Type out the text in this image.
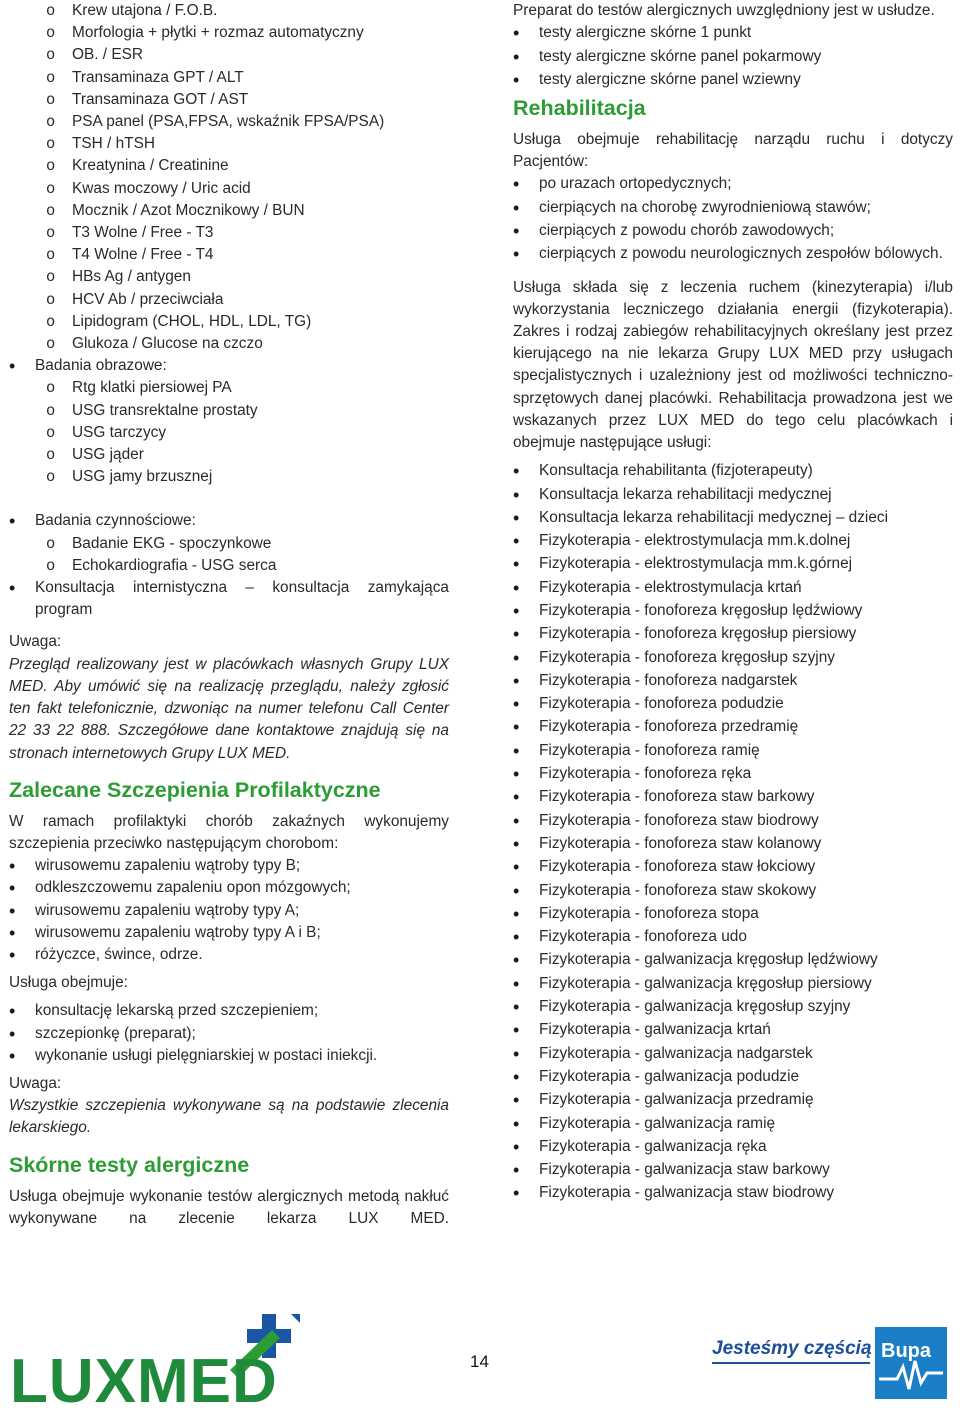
o Krew utajona / F.O.B.
o Morfologia + płytki + rozmaz automatyczny
o OB. / ESR
o Transaminaza GPT / ALT
o Transaminaza GOT / AST
o PSA panel (PSA,FPSA, wskaźnik FPSA/PSA)
o TSH / hTSH
o Kreatynina / Creatinine
o Kwas moczowy / Uric acid
o Mocznik / Azot Mocznikowy / BUN
o T3 Wolne / Free - T3
o T4 Wolne / Free - T4
o HBs Ag / antygen
o HCV Ab / przeciwciała
o Lipidogram (CHOL, HDL, LDL, TG)
o Glukoza / Glucose na czczo
• Badania obrazowe:
o Rtg klatki piersiowej PA
o USG transrektalne prostaty
o USG tarczycy
o USG jąder
o USG jamy brzusznej
• Badania czynnościowe:
o Badanie EKG - spoczynkowe
o Echokardiografia - USG serca
• Konsultacja internistyczna – konsultacja zamykająca
program
Uwaga:
Przegląd realizowany jest w placówkach własnych Grupy LUX MED. Aby umówić się na realizację przeglądu, należy zgłosić ten fakt telefonicznie, dzwoniąc na numer telefonu Call Center 22 33 22 888. Szczegółowe dane kontaktowe znajdują się na stronach internetowych Grupy LUX MED.
Zalecane Szczepienia Profilaktyczne
W ramach profilaktyki chorób zakaźnych wykonujemy szczepienia przeciwko następującym chorobom:
• wirusowemu zapaleniu wątroby typy B;
• odkleszczowemu zapaleniu opon mózgowych;
• wirusowemu zapaleniu wątroby typy A;
• wirusowemu zapaleniu wątroby typy A i B;
• różyczce, śwince, odrze.
Usługa obejmuje:
• konsultację lekarską przed szczepieniem;
• szczepionkę (preparat);
• wykonanie usługi pielęgniarskiej w postaci iniekcji.
Uwaga:
Wszystkie szczepienia wykonywane są na podstawie zlecenia lekarskiego.
Skórne testy alergiczne
Usługa obejmuje wykonanie testów alergicznych metodą nakłuć wykonywane na zlecenie lekarza LUX MED.
Preparat do testów alergicznych uwzględniony jest w usłudze.
• testy alergiczne skórne 1 punkt
• testy alergiczne skórne panel pokarmowy
• testy alergiczne skórne panel wziewny
Rehabilitacja
Usługa obejmuje rehabilitację narządu ruchu i dotyczy Pacjentów:
• po urazach ortopedycznych;
• cierpiących na chorobę zwyrodnieniową stawów;
• cierpiących z powodu chorób zawodowych;
• cierpiących z powodu neurologicznych zespołów bólowych.
Usługa składa się z leczenia ruchem (kinezyterapia) i/lub wykorzystania leczniczego działania energii (fizykoterapia). Zakres i rodzaj zabiegów rehabilitacyjnych określany jest przez kierującego na nie lekarza Grupy LUX MED przy usługach specjalistycznych i uzależniony jest od możliwości techniczno-sprzętowych danej placówki. Rehabilitacja prowadzona jest we wskazanych przez LUX MED do tego celu placówkach i obejmuje następujące usługi:
• Konsultacja rehabilitanta (fizjoterapeuty)
• Konsultacja lekarza rehabilitacji medycznej
• Konsultacja lekarza rehabilitacji medycznej – dzieci
• Fizykoterapia - elektrostymulacja mm.k.dolnej
• Fizykoterapia - elektrostymulacja mm.k.górnej
• Fizykoterapia - elektrostymulacja krtań
• Fizykoterapia - fonoforeza kręgosłup lędźwiowy
• Fizykoterapia - fonoforeza kręgosłup piersiowy
• Fizykoterapia - fonoforeza kręgosłup szyjny
• Fizykoterapia - fonoforeza nadgarstek
• Fizykoterapia - fonoforeza podudzie
• Fizykoterapia - fonoforeza przedramię
• Fizykoterapia - fonoforeza ramię
• Fizykoterapia - fonoforeza ręka
• Fizykoterapia - fonoforeza staw barkowy
• Fizykoterapia - fonoforeza staw biodrowy
• Fizykoterapia - fonoforeza staw kolanowy
• Fizykoterapia - fonoforeza staw łokciowy
• Fizykoterapia - fonoforeza staw skokowy
• Fizykoterapia - fonoforeza stopa
• Fizykoterapia - fonoforeza udo
• Fizykoterapia - galwanizacja kręgosłup lędźwiowy
• Fizykoterapia - galwanizacja kręgosłup piersiowy
• Fizykoterapia - galwanizacja kręgosłup szyjny
• Fizykoterapia - galwanizacja krtań
• Fizykoterapia - galwanizacja nadgarstek
• Fizykoterapia - galwanizacja podudzie
• Fizykoterapia - galwanizacja przedramię
• Fizykoterapia - galwanizacja ramię
• Fizykoterapia - galwanizacja ręka
• Fizykoterapia - galwanizacja staw barkowy
• Fizykoterapia - galwanizacja staw biodrowy
LUXMED	14
Jesteśmy częścią Bupa
